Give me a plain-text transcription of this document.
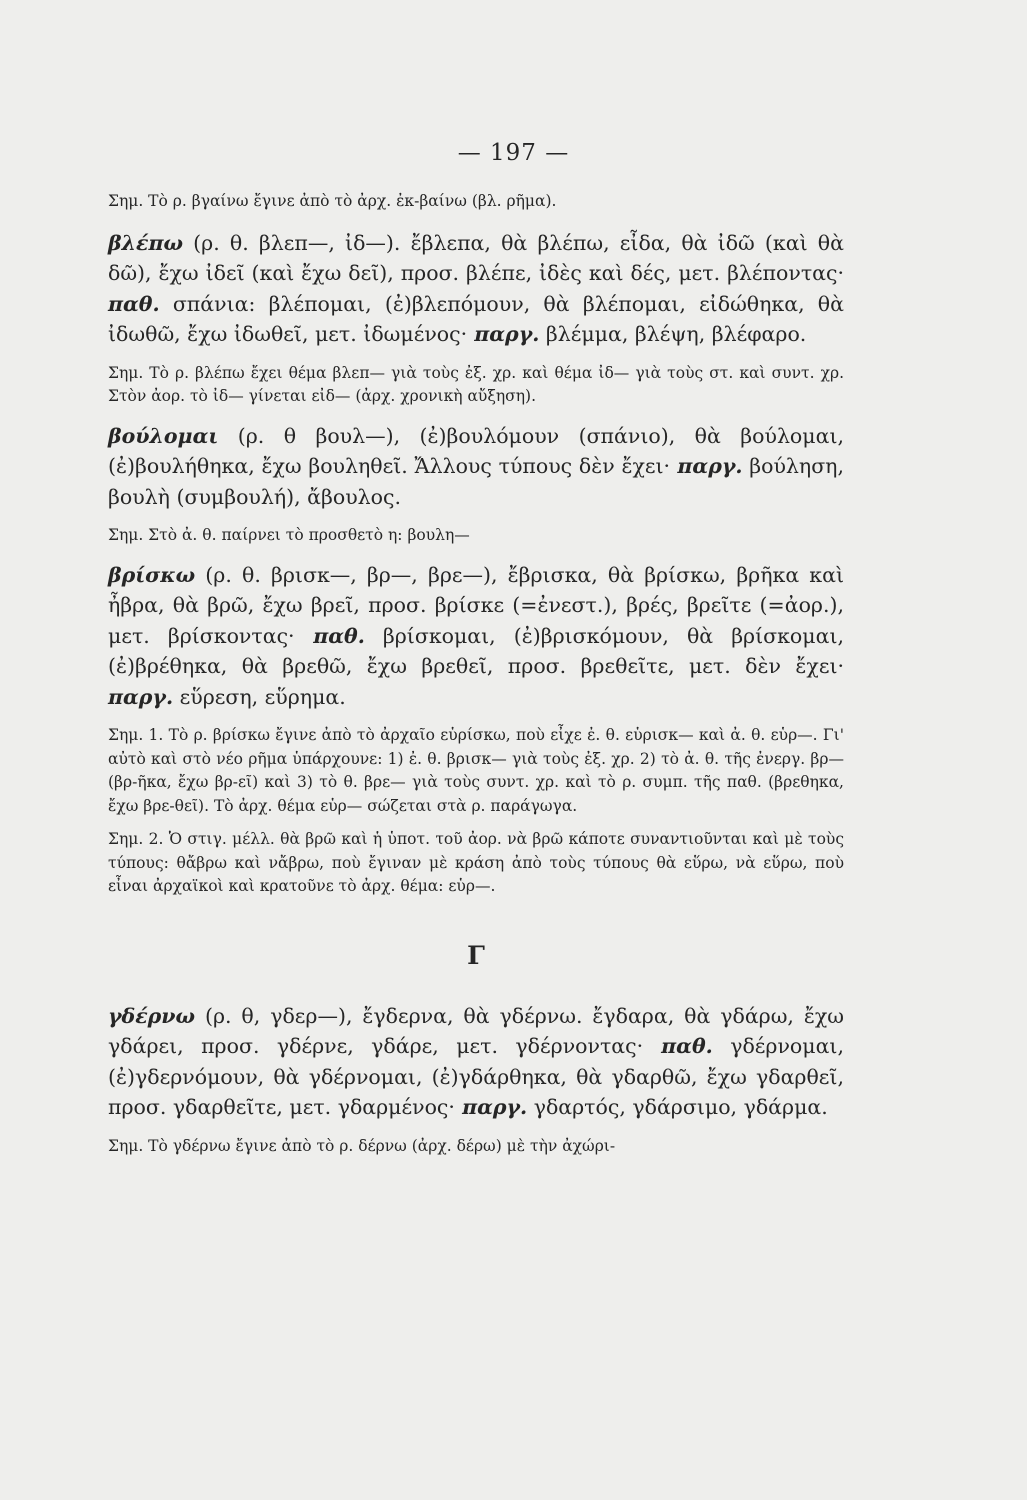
— 197 —

Σημ. Τὸ ρ. βγαίνω ἔγινε ἀπὸ τὸ ἀρχ. ἐκ-βαίνω (βλ. ρῆμα).

βλέπω (ρ. θ. βλεπ—, ἰδ—). ἔβλεπα, θὰ βλέπω, εἶδα, θὰ ἰδῶ (καὶ θὰ δῶ), ἔχω ἰδεῖ (καὶ ἔχω δεῖ), προσ. βλέπε, ἰδὲς καὶ δές, μετ. βλέποντας· παθ. σπάνια: βλέπομαι, (ἐ)βλεπόμουν, θὰ βλέπομαι, εἰδώθηκα, θὰ ἰδωθῶ, ἔχω ἰδωθεῖ, μετ. ἰδωμένος· παργ. βλέμμα, βλέψη, βλέφαρο.

Σημ. Τὸ ρ. βλέπω ἔχει θέμα βλεπ— γιὰ τοὺς ἐξ. χρ. καὶ θέμα ἰδ— γιὰ τοὺς στ. καὶ συντ. χρ. Στὸν ἀορ. τὸ ἰδ— γίνεται εἰδ— (ἀρχ. χρονικὴ αὔξηση).

βούλομαι (ρ. θ βουλ—), (ἐ)βουλόμουν (σπάνιο), θὰ βούλομαι, (ἐ)βουλήθηκα, ἔχω βουληθεῖ. Ἄλλους τύπους δὲν ἔχει· παργ. βούληση, βουλὴ (συμβουλή), ἄβουλος.

Σημ. Στὸ ἀ. θ. παίρνει τὸ προσθετὸ η: βουλη—

βρίσκω (ρ. θ. βρισκ—, βρ—, βρε—), ἔβρισκα, θὰ βρίσκω, βρῆκα καὶ ἦβρα, θὰ βρῶ, ἔχω βρεῖ, προσ. βρίσκε (=ἐνεστ.), βρές, βρεῖτε (=ἀορ.), μετ. βρίσκοντας· παθ. βρίσκομαι, (ἐ)βρισκόμουν, θὰ βρίσκομαι, (ἐ)βρέθηκα, θὰ βρεθῶ, ἔχω βρεθεῖ, προσ. βρεθεῖτε, μετ. δὲν ἔχει· παργ. εὕρεση, εὕρημα.

Σημ. 1. Τὸ ρ. βρίσκω ἔγινε ἀπὸ τὸ ἀρχαῖο εὑρίσκω, ποὺ εἶχε ἐ. θ. εὑρισκ— καὶ ἀ. θ. εὑρ—. Γι' αὐτὸ καὶ στὸ νέο ρῆμα ὑπάρχουνε: 1) ἐ. θ. βρισκ— γιὰ τοὺς ἐξ. χρ. 2) τὸ ἀ. θ. τῆς ἐνεργ. βρ— (βρ-ῆκα, ἔχω βρ-εῖ) καὶ 3) τὸ θ. βρε— γιὰ τοὺς συντ. χρ. καὶ τὸ ρ. συμπ. τῆς παθ. (βρεθηκα, ἔχω βρε-θεῖ). Τὸ ἀρχ. θέμα εὑρ— σώζεται στὰ ρ. παράγωγα.

Σημ. 2. Ὁ στιγ. μέλλ. θὰ βρῶ καὶ ἡ ὑποτ. τοῦ ἀορ. νὰ βρῶ κάποτε συναντιοῦνται καὶ μὲ τοὺς τύπους: θἄβρω καὶ νἄβρω, ποὺ ἔγιναν μὲ κράση ἀπὸ τοὺς τύπους θὰ εὕρω, νὰ εὕρω, ποὺ εἶναι ἀρχαϊκοὶ καὶ κρατοῦνε τὸ ἀρχ. θέμα: εὑρ—.

Γ

γδέρνω (ρ. θ, γδερ—), ἔγδερνα, θὰ γδέρνω. ἔγδαρα, θὰ γδάρω, ἔχω γδάρει, προσ. γδέρνε, γδάρε, μετ. γδέρνοντας· παθ. γδέρνομαι, (ἐ)γδερνόμουν, θὰ γδέρνομαι, (ἐ)γδάρθηκα, θὰ γδαρθῶ, ἔχω γδαρθεῖ, προσ. γδαρθεῖτε, μετ. γδαρμένος· παργ. γδαρτός, γδάρσιμο, γδάρμα.

Σημ. Τὸ γδέρνω ἔγινε ἀπὸ τὸ ρ. δέρνω (ἀρχ. δέρω) μὲ τὴν ἀχώρι-
